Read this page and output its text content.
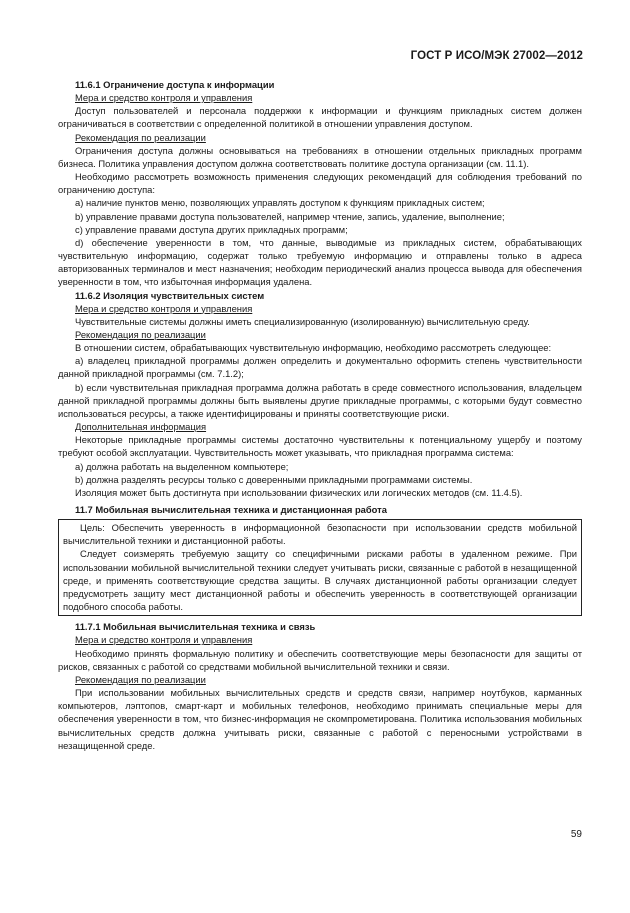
ГОСТ Р ИСО/МЭК 27002—2012

11.6.1 Ограничение доступа к информации

Мера и средство контроля и управления

Доступ пользователей и персонала поддержки к информации и функциям прикладных систем должен ограничиваться в соответствии с определенной политикой в отношении управления доступом.

Рекомендация по реализации

Ограничения доступа должны основываться на требованиях в отношении отдельных прикладных программ бизнеса. Политика управления доступом должна соответствовать политике доступа организации (см. 11.1).

Необходимо рассмотреть возможность применения следующих рекомендаций для соблюдения требований по ограничению доступа:

a) наличие пунктов меню, позволяющих управлять доступом к функциям прикладных систем;

b) управление правами доступа пользователей, например чтение, запись, удаление, выполнение;

c) управление правами доступа других прикладных программ;

d) обеспечение уверенности в том, что данные, выводимые из прикладных систем, обрабатывающих чувствительную информацию, содержат только требуемую информацию и отправлены только в адреса авторизованных терминалов и мест назначения; необходим периодический анализ процесса вывода для обеспечения уверенности в том, что избыточная информация удалена.

11.6.2 Изоляция чувствительных систем

Мера и средство контроля и управления

Чувствительные системы должны иметь специализированную (изолированную) вычислительную среду.

Рекомендация по реализации

В отношении систем, обрабатывающих чувствительную информацию, необходимо рассмотреть следующее:

a) владелец прикладной программы должен определить и документально оформить степень чувствительности данной прикладной программы (см. 7.1.2);

b) если чувствительная прикладная программа должна работать в среде совместного использования, владельцем данной прикладной программы должны быть выявлены другие прикладные программы, с которыми будут совместно использоваться ресурсы, а также идентифицированы и приняты соответствующие риски.

Дополнительная информация

Некоторые прикладные программы системы достаточно чувствительны к потенциальному ущербу и поэтому требуют особой эксплуатации. Чувствительность может указывать, что прикладная программа система:

a) должна работать на выделенном компьютере;

b) должна разделять ресурсы только с доверенными прикладными программами системы.

Изоляция может быть достигнута при использовании физических или логических методов (см. 11.4.5).

11.7 Мобильная вычислительная техника и дистанционная работа

Цель: Обеспечить уверенность в информационной безопасности при использовании средств мобильной вычислительной техники и дистанционной работы.

Следует соизмерять требуемую защиту со специфичными рисками работы в удаленном режиме. При использовании мобильной вычислительной техники следует учитывать риски, связанные с работой в незащищенной среде, и применять соответствующие средства защиты. В случаях дистанционной работы организации следует предусмотреть защиту мест дистанционной работы и обеспечить уверенность в соответствующей организации подобного способа работы.

11.7.1 Мобильная вычислительная техника и связь

Мера и средство контроля и управления

Необходимо принять формальную политику и обеспечить соответствующие меры безопасности для защиты от рисков, связанных с работой со средствами мобильной вычислительной техники и связи.

Рекомендация по реализации

При использовании мобильных вычислительных средств и средств связи, например ноутбуков, карманных компьютеров, лэптопов, смарт-карт и мобильных телефонов, необходимо принимать специальные меры для обеспечения уверенности в том, что бизнес-информация не скомпрометирована. Политика использования мобильных вычислительных средств должна учитывать риски, связанные с работой с переносными устройствами в незащищенной среде.

59
